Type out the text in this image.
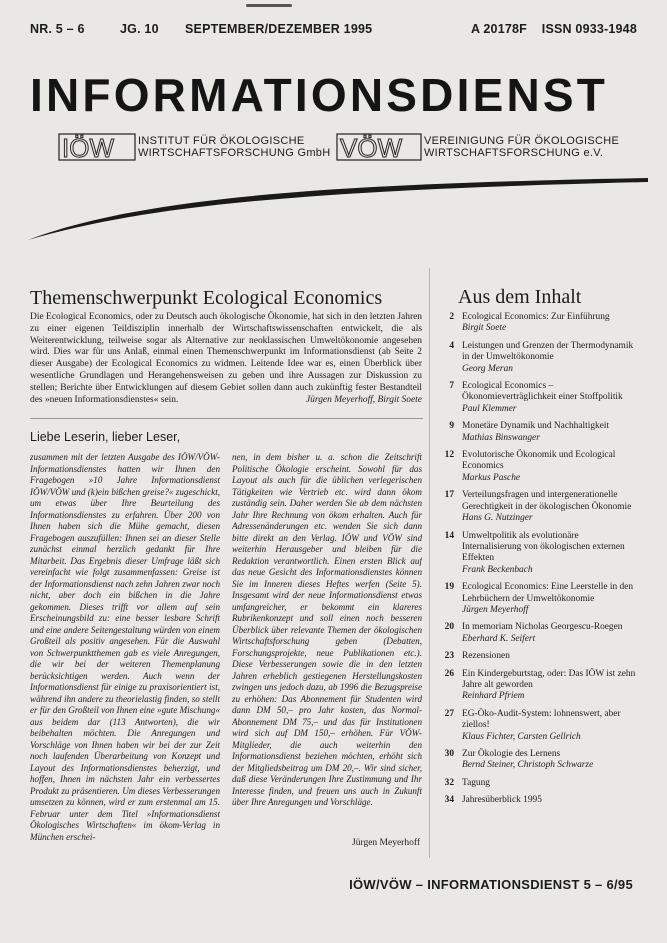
NR. 5 – 6	JG. 10 SEPTEMBER/DEZEMBER 1995	A 20178F ISSN 0933-1948
INFORMATIONSDIENST
IÖW INSTITUT FÜR ÖKOLOGISCHE
WIRTSCHAFTSFORSCHUNG GmbH VÖW VEREINIGUNG FÜR ÖKOLOGISCHE
WIRTSCHAFTSFORSCHUNG e.V.
Themenschwerpunkt Ecological Economics
Die Ecological Economics, oder zu Deutsch auch ökologische Ökonomie, hat sich in den letzten Jahren zu einer eigenen Teildisziplin innerhalb der Wirtschaftswissenschaften entwickelt, die als Weiterentwicklung, teilweise sogar als Alternative zur neoklassischen Umweltökonomie angesehen wird. Dies war für uns Anlaß, einmal einen Themenschwerpunkt im Informationsdienst (ab Seite 2 dieser Ausgabe) der Ecological Economics zu widmen. Leitende Idee war es, einen Überblick über wesentliche Grundlagen und Herangehensweisen zu geben und ihre Aussagen zur Diskussion zu stellen; Berichte über Entwicklungen auf diesem Gebiet sollen dann auch zukünftig fester Bestandteil des »neuen Informationsdienstes« sein.	Jürgen Meyerhoff, Birgit Soete
Liebe Leserin, lieber Leser,
zusammen mit der letzten Ausgabe des IÖW/VÖW-Informationsdienstes hatten wir Ihnen den Fragebogen »10 Jahre Informationsdienst IÖW/VÖW und (k)ein bißchen greise?« zugeschickt, um etwas über Ihre Beurteilung des Informationsdienstes zu erfahren. Über 200 von Ihnen haben sich die Mühe gemacht, diesen Fragebogen auszufüllen: Ihnen sei an dieser Stelle zunächst einmal herzlich gedankt für Ihre Mitarbeit. Das Ergebnis dieser Umfrage läßt sich vereinfacht wie folgt zusammenfassen: Greise ist der Informationsdienst nach zehn Jahren zwar noch nicht, aber doch ein bißchen in die Jahre gekommen. Dieses trifft vor allem auf sein Erscheinungsbild zu: eine besser lesbare Schrift und eine andere Seitengestaltung würden von einem Großteil als positiv angesehen. Für die Auswahl von Schwerpunktthemen gab es viele Anregungen, die wir bei der weiteren Themenplanung berücksichtigen werden. Auch wenn der Informationsdienst für einige zu praxisorientiert ist, während ihn andere zu theorielastig finden, so stellt er für den Großteil von Ihnen eine »gute Mischung« aus beidem dar (113 Antworten), die wir beibehalten möchten. Die Anregungen und Vorschläge von Ihnen haben wir bei der zur Zeit noch laufenden Überarbeitung von Konzept und Layout des Informationsdienstes beherzigt, und hoffen, Ihnen im nächsten Jahr ein verbessertes Produkt zu präsentieren. Um dieses Verbesserungen umsetzen zu können, wird er zum erstenmal am 15. Februar unter dem Titel »Informationsdienst Ökologisches Wirtschaften« im ökom-Verlag in München erschei-
nen, in dem bisher u. a. schon die Zeitschrift Politische Ökologie erscheint. Sowohl für das Layout als auch für die üblichen verlegerischen Tätigkeiten wie Vertrieb etc. wird dann ökom zuständig sein. Daher werden Sie ab dem nächsten Jahr Ihre Rechnung von ökom erhalten. Auch für Adressenänderungen etc. wenden Sie sich dann bitte direkt an den Verlag. IÖW und VÖW sind weiterhin Herausgeber und bleiben für die Redaktion verantwortlich. Einen ersten Blick auf das neue Gesicht des Informationsdienstes können Sie im Inneren dieses Heftes werfen (Seite 5). Insgesamt wird der neue Informationsdienst etwas umfangreicher, er bekommt ein klareres Rubrikenkonzept und soll einen noch besseren Überblick über relevante Themen der ökologischen Wirtschaftsforschung geben (Debatten, Forschungsprojekte, neue Publikationen etc.). Diese Verbesserungen sowie die in den letzten Jahren erheblich gestiegenen Herstellungskosten zwingen uns jedoch dazu, ab 1996 die Bezugspreise zu erhöhen: Das Abonnement für Studenten wird dann DM 50,– pro Jahr kosten, das Normal-Abonnement DM 75,– und das für Institutionen wird sich auf DM 150,– erhöhen. Für VÖW-Mitglieder, die auch weiterhin den Informationsdienst beziehen möchten, erhöht sich der Mitgliedsbeitrag um DM 20,–. Wir sind sicher, daß diese Veränderungen Ihre Zustimmung und Ihr Interesse finden, und freuen uns auch in Zukunft über Ihre Anregungen und Vorschläge.
Jürgen Meyerhoff
Aus dem Inhalt
2 Ecological Economics: Zur Einführung
Birgit Soete
4 Leistungen und Grenzen der Thermodynamik in der Umweltökonomie
Georg Meran
7 Ecological Economics – Ökonomieverträglichkeit einer Stoffpolitik
Paul Klemmer
9 Monetäre Dynamik und Nachhaltigkeit
Mathias Binswanger
12 Evolutorische Ökonomik und Ecological Economics
Markus Pasche
17 Verteilungsfragen und intergenerationelle Gerechtigkeit in der ökologischen Ökonomie
Hans G. Nutzinger
14 Umweltpolitik als evolutionäre Internalisierung von ökologischen externen Effekten
Frank Beckenbach
19 Ecological Economics: Eine Leerstelle in den Lehrbüchern der Umweltökonomie
Jürgen Meyerhoff
20 In memoriam Nicholas Georgescu-Roegen
Eberhard K. Seifert
23 Rezensionen
26 Ein Kindergeburtstag, oder: Das IÖW ist zehn Jahre alt geworden
Reinhard Pfriem
27 EG-Öko-Audit-System: lohnenswert, aber ziellos!
Klaus Fichter, Carsten Gellrich
30 Zur Ökologie des Lernens
Bernd Steiner, Christoph Schwarze
32 Tagung
34 Jahresüberblick 1995
IÖW/VÖW – INFORMATIONSDIENST 5 – 6/95
